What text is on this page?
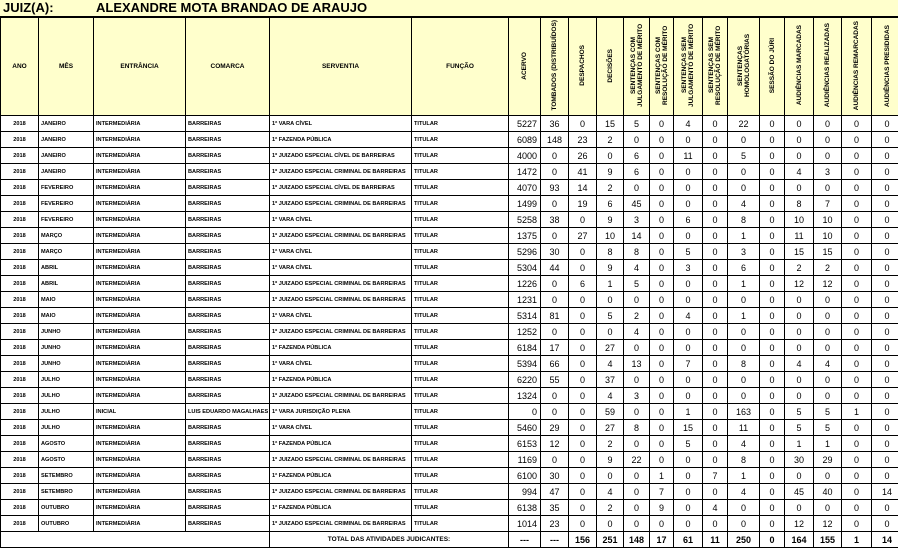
JUIZ(A):	ALEXANDRE MOTA BRANDAO DE ARAUJO
ANO	MÊS	ENTRÂNCIA	COMARCA	SERVENTIA	FUNÇÃO	ACERVO	TOMBADOS (DISTRIBUÍDOS)	DESPACHOS	DECISÕES	SENTENÇAS COM JULGAMENTO DE MÉRITO	SENTENÇAS COM RESOLUÇÃO DE MÉRITO	SENTENÇAS SEM JULGAMENTO DE MÉRITO	SENTENÇAS SEM RESOLUÇÃO DE MÉRITO	SENTENÇAS HOMOLOGATÓRIAS	SESSÃO DO JÚRI	AUDIÊNCIAS MARCADAS	AUDIÊNCIAS REALIZADAS	AUDIÊNCIAS REMARCADAS	AUDIÊNCIAS PRESIDIDAS
2018	JANEIRO	INTERMEDIÁRIA	BARREIRAS	1ª VARA CÍVEL	TITULAR	5227	36	0	15	5	0	4	0	22	0	0	0	0	0
2018	JANEIRO	INTERMEDIÁRIA	BARREIRAS	1ª FAZENDA PÚBLICA	TITULAR	6089	148	23	2	0	0	0	0	0	0	0	0	0	0
2018	JANEIRO	INTERMEDIÁRIA	BARREIRAS	1º JUIZADO ESPECIAL CÍVEL DE BARREIRAS	TITULAR	4000	0	26	0	6	0	11	0	5	0	0	0	0	0
2018	JANEIRO	INTERMEDIÁRIA	BARREIRAS	1º JUIZADO ESPECIAL CRIMINAL DE BARREIRAS	TITULAR	1472	0	41	9	6	0	0	0	0	0	4	3	0	0
2018	FEVEREIRO	INTERMEDIÁRIA	BARREIRAS	1º JUIZADO ESPECIAL CÍVEL DE BARREIRAS	TITULAR	4070	93	14	2	0	0	0	0	0	0	0	0	0	0
2018	FEVEREIRO	INTERMEDIÁRIA	BARREIRAS	1º JUIZADO ESPECIAL CRIMINAL DE BARREIRAS	TITULAR	1499	0	19	6	45	0	0	0	4	0	8	7	0	0
2018	FEVEREIRO	INTERMEDIÁRIA	BARREIRAS	1ª VARA CÍVEL	TITULAR	5258	38	0	9	3	0	6	0	8	0	10	10	0	0
2018	MARÇO	INTERMEDIÁRIA	BARREIRAS	1º JUIZADO ESPECIAL CRIMINAL DE BARREIRAS	TITULAR	1375	0	27	10	14	0	0	0	1	0	11	10	0	0
2018	MARÇO	INTERMEDIÁRIA	BARREIRAS	1ª VARA CÍVEL	TITULAR	5296	30	0	8	8	0	5	0	3	0	15	15	0	0
2018	ABRIL	INTERMEDIÁRIA	BARREIRAS	1ª VARA CÍVEL	TITULAR	5304	44	0	9	4	0	3	0	6	0	2	2	0	0
2018	ABRIL	INTERMEDIÁRIA	BARREIRAS	1º JUIZADO ESPECIAL CRIMINAL DE BARREIRAS	TITULAR	1226	0	6	1	5	0	0	0	1	0	12	12	0	0
2018	MAIO	INTERMEDIÁRIA	BARREIRAS	1º JUIZADO ESPECIAL CRIMINAL DE BARREIRAS	TITULAR	1231	0	0	0	0	0	0	0	0	0	0	0	0	0
2018	MAIO	INTERMEDIÁRIA	BARREIRAS	1ª VARA CÍVEL	TITULAR	5314	81	0	5	2	0	4	0	1	0	0	0	0	0
2018	JUNHO	INTERMEDIÁRIA	BARREIRAS	1º JUIZADO ESPECIAL CRIMINAL DE BARREIRAS	TITULAR	1252	0	0	0	4	0	0	0	0	0	0	0	0	0
2018	JUNHO	INTERMEDIÁRIA	BARREIRAS	1ª FAZENDA PÚBLICA	TITULAR	6184	17	0	27	0	0	0	0	0	0	0	0	0	0
2018	JUNHO	INTERMEDIÁRIA	BARREIRAS	1ª VARA CÍVEL	TITULAR	5394	66	0	4	13	0	7	0	8	0	4	4	0	0
2018	JULHO	INTERMEDIÁRIA	BARREIRAS	1ª FAZENDA PÚBLICA	TITULAR	6220	55	0	37	0	0	0	0	0	0	0	0	0	0
2018	JULHO	INTERMEDIÁRIA	BARREIRAS	1º JUIZADO ESPECIAL CRIMINAL DE BARREIRAS	TITULAR	1324	0	0	4	3	0	0	0	0	0	0	0	0	0
2018	JULHO	INICIAL	LUIS EDUARDO MAGALHAES	1ª VARA JURISDIÇÃO PLENA	TITULAR	0	0	0	59	0	0	1	0	163	0	5	5	1	0
2018	JULHO	INTERMEDIÁRIA	BARREIRAS	1ª VARA CÍVEL	TITULAR	5460	29	0	27	8	0	15	0	11	0	5	5	0	0
2018	AGOSTO	INTERMEDIÁRIA	BARREIRAS	1ª FAZENDA PÚBLICA	TITULAR	6153	12	0	2	0	0	5	0	4	0	1	1	0	0
2018	AGOSTO	INTERMEDIÁRIA	BARREIRAS	1º JUIZADO ESPECIAL CRIMINAL DE BARREIRAS	TITULAR	1169	0	0	9	22	0	0	0	8	0	30	29	0	0
2018	SETEMBRO	INTERMEDIÁRIA	BARREIRAS	1ª FAZENDA PÚBLICA	TITULAR	6100	30	0	0	0	1	0	7	1	0	0	0	0	0
2018	SETEMBRO	INTERMEDIÁRIA	BARREIRAS	1º JUIZADO ESPECIAL CRIMINAL DE BARREIRAS	TITULAR	994	47	0	4	0	7	0	0	4	0	45	40	0	14
2018	OUTUBRO	INTERMEDIÁRIA	BARREIRAS	1ª FAZENDA PÚBLICA	TITULAR	6138	35	0	2	0	9	0	4	0	0	0	0	0	0
2018	OUTUBRO	INTERMEDIÁRIA	BARREIRAS	1º JUIZADO ESPECIAL CRIMINAL DE BARREIRAS	TITULAR	1014	23	0	0	0	0	0	0	0	0	12	12	0	0
				TOTAL DAS ATIVIDADES JUDICANTES:		---	---	156	251	148	17	61	11	250	0	164	155	1	14
